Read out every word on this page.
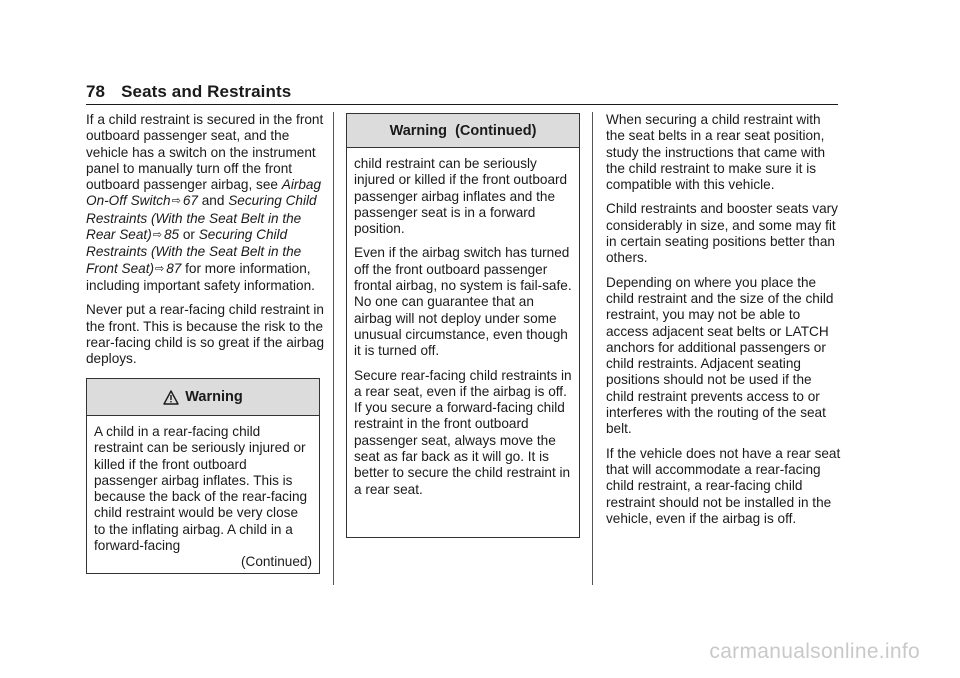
78 Seats and Restraints

If a child restraint is secured in the front outboard passenger seat, and the vehicle has a switch on the instrument panel to manually turn off the front outboard passenger airbag, see Airbag On-Off Switch⇨ 67 and Securing Child Restraints (With the Seat Belt in the Rear Seat)⇨ 85 or Securing Child Restraints (With the Seat Belt in the Front Seat)⇨ 87 for more information, including important safety information.

Never put a rear-facing child restraint in the front. This is because the risk to the rear-facing child is so great if the airbag deploys.

Warning

A child in a rear-facing child restraint can be seriously injured or killed if the front outboard passenger airbag inflates. This is because the back of the rear-facing child restraint would be very close to the inflating airbag. A child in a forward-facing

(Continued)
Warning  (Continued)

child restraint can be seriously injured or killed if the front outboard passenger airbag inflates and the passenger seat is in a forward position.

Even if the airbag switch has turned off the front outboard passenger frontal airbag, no system is fail-safe. No one can guarantee that an airbag will not deploy under some unusual circumstance, even though it is turned off.

Secure rear-facing child restraints in a rear seat, even if the airbag is off. If you secure a forward-facing child restraint in the front outboard passenger seat, always move the seat as far back as it will go. It is better to secure the child restraint in a rear seat.

When securing a child restraint with the seat belts in a rear seat position, study the instructions that came with the child restraint to make sure it is compatible with this vehicle.

Child restraints and booster seats vary considerably in size, and some may fit in certain seating positions better than others.

Depending on where you place the child restraint and the size of the child restraint, you may not be able to access adjacent seat belts or LATCH anchors for additional passengers or child restraints. Adjacent seating positions should not be used if the child restraint prevents access to or interferes with the routing of the seat belt.

If the vehicle does not have a rear seat that will accommodate a rear-facing child restraint, a rear-facing child restraint should not be installed in the vehicle, even if the airbag is off.

carmanualsonline.info
